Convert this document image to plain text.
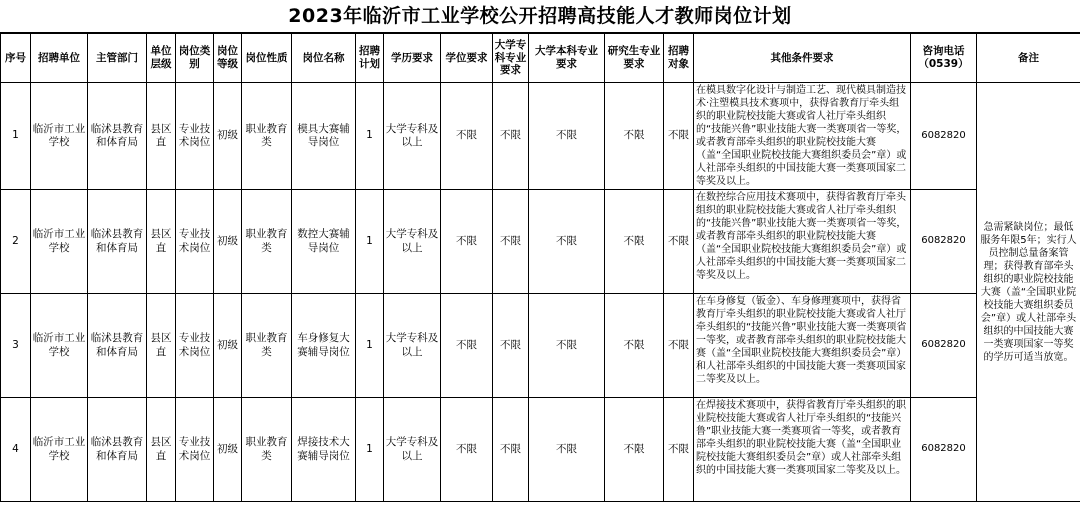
2023年临沂市工业学校公开招聘高技能人才教师岗位计划
序号	招聘单位	主管部门	单位层级	岗位类别	岗位等级	岗位性质	岗位名称	招聘计划	学历要求	学位要求	大学专科专业要求	大学本科专业要求	研究生专业要求	招聘对象	其他条件要求	咨询电话（0539）	备注
1	临沂市工业学校	临沭县教育和体育局	县区直	专业技术岗位	初级	职业教育类	模具大赛辅导岗位	1	大学专科及以上	不限	不限	不限	不限	不限	在模具数字化设计与制造工艺、现代模具制造技术·注塑模具技术赛项中，获得省教育厅牵头组织的职业院校技能大赛或省人社厅牵头组织的“技能兴鲁”职业技能大赛一类赛项省一等奖，或者教育部牵头组织的职业院校技能大赛（盖“全国职业院校技能大赛组织委员会”章）或人社部牵头组织的中国技能大赛一类赛项国家二等奖及以上。	6082820	急需紧缺岗位；最低服务年限5年；实行人员控制总量备案管理；获得教育部牵头组织的职业院校技能大赛（盖“全国职业院校技能大赛组织委员会”章）或人社部牵头组织的中国技能大赛一类赛项国家一等奖的学历可适当放宽。
2	临沂市工业学校	临沭县教育和体育局	县区直	专业技术岗位	初级	职业教育类	数控大赛辅导岗位	1	大学专科及以上	不限	不限	不限	不限	不限	在数控综合应用技术赛项中，获得省教育厅牵头组织的职业院校技能大赛或省人社厅牵头组织的“技能兴鲁”职业技能大赛一类赛项省一等奖，或者教育部牵头组织的职业院校技能大赛（盖“全国职业院校技能大赛组织委员会”章）或人社部牵头组织的中国技能大赛一类赛项国家二等奖及以上。	6082820	
3	临沂市工业学校	临沭县教育和体育局	县区直	专业技术岗位	初级	职业教育类	车身修复大赛辅导岗位	1	大学专科及以上	不限	不限	不限	不限	不限	在车身修复（钣金）、车身修理赛项中，获得省教育厅牵头组织的职业院校技能大赛或省人社厅牵头组织的“技能兴鲁”职业技能大赛一类赛项省一等奖，或者教育部牵头组织的职业院校技能大赛（盖“全国职业院校技能大赛组织委员会”章）和人社部牵头组织的中国技能大赛一类赛项国家二等奖及以上。	6082820	
4	临沂市工业学校	临沭县教育和体育局	县区直	专业技术岗位	初级	职业教育类	焊接技术大赛辅导岗位	1	大学专科及以上	不限	不限	不限	不限	不限	在焊接技术赛项中，获得省教育厅牵头组织的职业院校技能大赛或省人社厅牵头组织的“技能兴鲁”职业技能大赛一类赛项省一等奖，或者教育部牵头组织的职业院校技能大赛（盖“全国职业院校技能大赛组织委员会”章）或人社部牵头组织的中国技能大赛一类赛项国家二等奖及以上。	6082820	
